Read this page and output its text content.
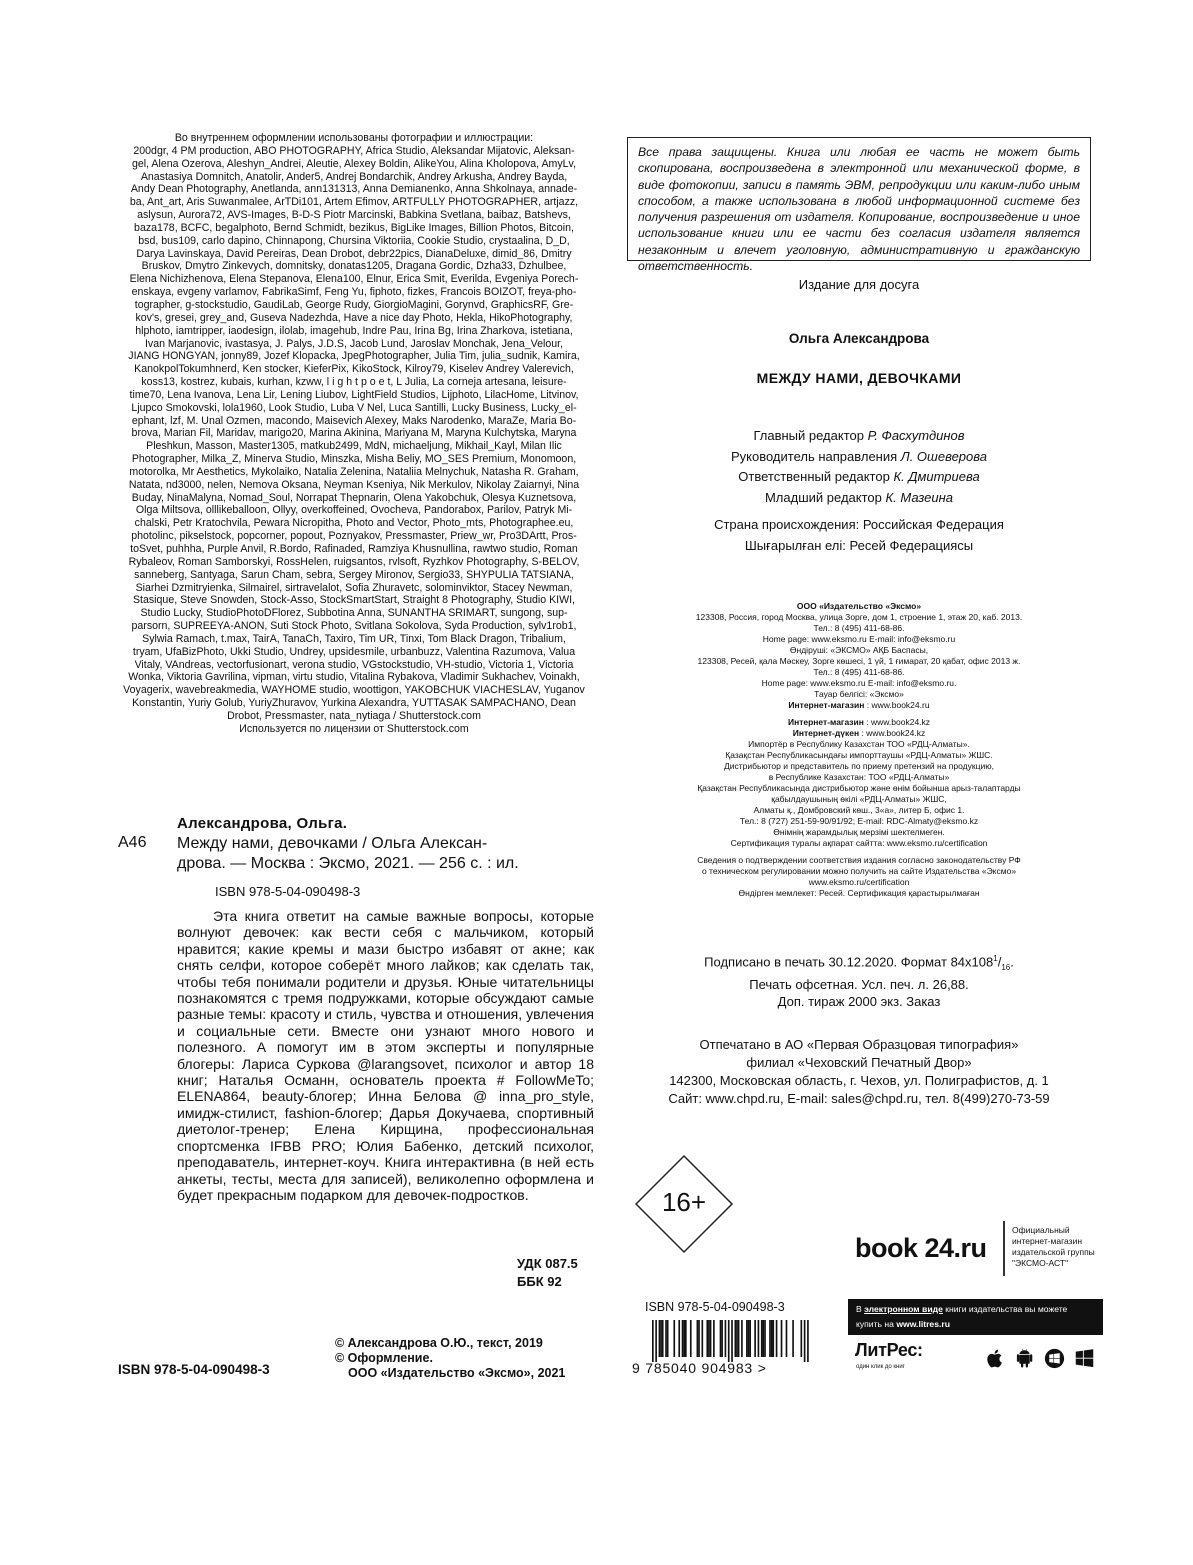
Во внутреннем оформлении использованы фотографии и иллюстрации:
200dgr, 4 PM production, ABO PHOTOGRAPHY, Africa Studio, Aleksandar Mijatovic, Aleksan-
gel, Alena Ozerova, Aleshyn_Andrei, Aleutie, Alexey Boldin, AlikeYou, Alina Kholopova, AmyLv,
Anastasiya Domnitch, Anatolir, Ander5, Andrej Bondarchik, Andrey Arkusha, Andrey Bayda,
Andy Dean Photography, Anetlanda, ann131313, Anna Demianenko, Anna Shkolnaya, annade-
ba, Ant_art, Aris Suwanmalee, ArTDi101, Artem Efimov, ARTFULLY PHOTOGRAPHER, artjazz,
aslysun, Aurora72, AVS-Images, B-D-S Piotr Marcinski, Babkina Svetlana, baibaz, Batshevs,
baza178, BCFC, begalphoto, Bernd Schmidt, bezikus, BigLike Images, Billion Photos, Bitcoin,
bsd, bus109, carlo dapino, Chinnapong, Chursina Viktoriia, Cookie Studio, crystaalina, D_D,
Darya Lavinskaya, David Pereiras, Dean Drobot, debr22pics, DianaDeluxe, dimid_86, Dmitry
Bruskov, Dmytro Zinkevych, domnitsky, donatas1205, Dragana Gordic, Dzha33, Dzhulbee,
Elena Nichizhenova, Elena Stepanova, Elena100, Elnur, Erica Smit, Everilda, Evgeniya Porech-
enskaya, evgeny varlamov, FabrikaSimf, Feng Yu, fiphoto, fizkes, Francois BOIZOT, freya-pho-
tographer, g-stockstudio, GaudiLab, George Rudy, GiorgioMagini, Gorynvd, GraphicsRF, Gre-
kov's, gresei, grey_and, Guseva Nadezhda, Have a nice day Photo, Hekla, HikoPhotography,
hlphoto, iamtripper, iaodesign, ilolab, imagehub, Indre Pau, Irina Bg, Irina Zharkova, istetiana,
Ivan Marjanovic, ivastasya, J. Palys, J.D.S, Jacob Lund, Jaroslav Monchak, Jena_Velour,
JIANG HONGYAN, jonny89, Jozef Klopacka, JpegPhotographer, Julia Tim, julia_sudnik, Kamira,
KanokpolTokumhnerd, Ken stocker, KieferPix, KikoStock, Kilroy79, Kiselev Andrey Valerevich,
koss13, kostrez, kubais, kurhan, kzww, l i g h t p o e t, L Julia, La corneja artesana, leisure-
time70, Lena Ivanova, Lena Lir, Lening Liubov, LightField Studios, Lijphoto, LilacHome, Litvinov,
Ljupco Smokovski, lola1960, Look Studio, Luba V Nel, Luca Santilli, Lucky Business, Lucky_el-
ephant, lzf, M. Unal Ozmen, macondo, Maisevich Alexey, Maks Narodenko, MaraZe, Maria Bo-
brova, Marian Fil, Maridav, marigo20, Marina Akinina, Mariyana M, Maryna Kulchytska, Maryna
Pleshkun, Masson, Master1305, matkub2499, MdN, michaeljung, Mikhail_Kayl, Milan Ilic
Photographer, Milka_Z, Minerva Studio, Minszka, Misha Beliy, MO_SES Premium, Monomoon,
motorolka, Mr Aesthetics, Mykolaiko, Natalia Zelenina, Nataliia Melnychuk, Natasha R. Graham,
Natata, nd3000, nelen, Nemova Oksana, Neyman Kseniya, Nik Merkulov, Nikolay Zaiarnyi, Nina
Buday, NinaMalyna, Nomad_Soul, Norrapat Thepnarin, Olena Yakobchuk, Olesya Kuznetsova,
Olga Miltsova, olllikeballoon, Ollyy, overkoffeined, Ovocheva, Pandorabox, Parilov, Patryk Mi-
chalski, Petr Kratochvila, Pewara Nicropitha, Photo and Vector, Photo_mts, Photographee.eu,
photolinc, pikselstock, popcorner, popout, Poznyakov, Pressmaster, Priew_wr, Pro3DArtt, Pros-
toSvet, puhhha, Purple Anvil, R.Bordo, Rafinaded, Ramziya Khusnullina, rawtwo studio, Roman
Rybaleov, Roman Samborskyi, RossHelen, ruigsantos, rvlsoft, Ryzhkov Photography, S-BELOV,
sanneberg, Santyaga, Sarun Cham, sebra, Sergey Mironov, Sergio33, SHYPULIA TATSIANA,
Siarhei Dzmitryienka, Silmairel, sirtravelalot, Sofia Zhuravetc, solominviktor, Stacey Newman,
Stasique, Steve Snowden, Stock-Asso, StockSmartStart, Straight 8 Photography, Studio KIWI,
Studio Lucky, StudioPhotoDFlorez, Subbotina Anna, SUNANTHA SRIMART, sungong, sup-
parsorn, SUPREEYA-ANON, Suti Stock Photo, Svitlana Sokolova, Syda Production, sylv1rob1,
Sylwia Ramach, t.max, TairA, TanaCh, Taxiro, Tim UR, Tinxi, Tom Black Dragon, Tribalium,
tryam, UfaBizPhoto, Ukki Studio, Undrey, upsidesmile, urbanbuzz, Valentina Razumova, Valua
Vitaly, VAndreas, vectorfusionart, verona studio, VGstockstudio, VH-studio, Victoria 1, Victoria
Wonka, Viktoria Gavrilina, vipman, virtu studio, Vitalina Rybakova, Vladimir Sukhachev, Voinakh,
Voyagerix, wavebreakmedia, WAYHOME studio, woottigon, YAKOBCHUK VIACHESLAV, Yuganov
Konstantin, Yuriy Golub, YuriyZhuravov, Yurkina Alexandra, YUTTASAK SAMPACHANO, Dean
Drobot, Pressmaster, nata_nytiaga / Shutterstock.com
Используется по лицензии от Shutterstock.com
Александрова, Ольга.
А46 Между нами, девочками / Ольга Алексан-
дрова. — Москва : Эксмо, 2021. — 256 с. : ил.
ISBN 978-5-04-090498-3

Эта книга ответит на самые важные вопросы, которые волнуют девочек: как вести себя с мальчиком, который нравится; какие кремы и мази быстро избавят от акне; как снять селфи, которое соберёт много лайков; как сделать так, чтобы тебя понимали родители и друзья. Юные читательницы познакомятся с тремя подружками, которые обсуждают самые разные темы: красоту и стиль, чувства и отношения, увлечения и социальные сети. Вместе они узнают много нового и полезного. А помогут им в этом эксперты и популярные блогеры: Лариса Суркова @larangsovet, психолог и автор 18 книг; Наталья Османн, основатель проекта # FollowMeTo; ELENA864, beauty-блогер; Инна Белова @ inna_pro_style, имидж-стилист, fashion-блогер; Дарья Докучаева, спортивный диетолог-тренер; Елена Кирщина, профессиональная спортсменка IFBB PRO; Юлия Бабенко, детский психолог, преподаватель, интернет-коуч. Книга интерактивна (в ней есть анкеты, тесты, места для записей), великолепно оформлена и будет прекрасным подарком для девочек-подростков.

УДК 087.5
ББК 92
ISBN 978-5-04-090498-3
© Александрова О.Ю., текст, 2019
© Оформление.
ООО «Издательство «Эксмо», 2021
Все права защищены. Книга или любая ее часть не может быть скопирована, воспроизведена в электронной или механической форме, в виде фотокопии, записи в память ЭВМ, репродукции или каким-либо иным способом, а также использована в любой информационной системе без получения разрешения от издателя. Копирование, воспроизведение и иное использование книги или ее части без согласия издателя является незаконным и влечет уголовную, административную и гражданскую ответственность.
Издание для досуга
Ольга Александрова
МЕЖДУ НАМИ, ДЕВОЧКАМИ
Главный редактор Р. Фасхутдинов
Руководитель направления Л. Ошеверова
Ответственный редактор К. Дмитриева
Младший редактор К. Мазеина
Страна происхождения: Российская Федерация
Шығарылған елі: Ресей Федерациясы
ООО «Издательство «Эксмо»
123308, Россия, город Москва, улица Зорге, дом 1, строение 1, этаж 20, каб. 2013.
Тел.: 8 (495) 411-68-86.
Home page: www.eksmo.ru E-mail: info@eksmo.ru
Өндіруші: «ЭКСМО» АҚБ Баспасы,
123308, Ресей, қала Мәскеу, Зорге көшесі, 1 үй, 1 ғимарат, 20 қабат, офис 2013 ж.
Тел.: 8 (495) 411-68-86.
Home page: www.eksmo.ru E-mail: info@eksmo.ru.
Тауар белгісі: «Эксмо»
Интернет-магазин : www.book24.ru
Интернет-магазин : www.book24.kz
Интернет-дүкен : www.book24.kz
Импортёр в Республику Казахстан ТОО «РДЦ-Алматы».
Қазақстан Республикасындағы импорттаушы «РДЦ-Алматы» ЖШС.
Дистрибьютор и представитель по приему претензий на продукцию,
в Республике Казахстан: ТОО «РДЦ-Алматы»
Қазақстан Республикасында дистрибьютор және өнім бойынша арыз-талаптарды
қабылдаушының өкілі «РДЦ-Алматы» ЖШС,
Алматы қ., Домбровский көш., 3«а», литер Б, офис 1.
Тел.: 8 (727) 251-59-90/91/92; E-mail: RDC-Almaty@eksmo.kz
Өнімнің жарамдылық мерзімі шектелмеген.
Сертификация туралы ақпарат сайтта: www.eksmo.ru/certification
Сведения о подтверждении соответствия издания согласно законодательству РФ
о техническом регулировании можно получить на сайте Издательства «Эксмо»
www.eksmo.ru/certification
Өндірген мемлекет: Ресей. Сертификация қарастырылмаған
Подписано в печать 30.12.2020. Формат $84х108^1/_{16}$.
Печать офсетная. Усл. печ. л. 26,88.
Доп. тираж 2000 экз. Заказ
Отпечатано в АО «Первая Образцовая типография»
филиал «Чеховский Печатный Двор»
142300, Московская область, г. Чехов, ул. Полиграфистов, д. 1
Сайт: www.chpd.ru, E-mail: sales@chpd.ru, тел. 8(499)270-73-59
16+
book 24.ru
Официальный
интернет-магазин
издательской группы
"ЭКСМО-АСТ"
ISBN 978-5-04-090498-3
9 785040 904983 >
В электронном виде книги издательства вы можете
купить на www.litres.ru
ЛитРес:
один клик до книг
